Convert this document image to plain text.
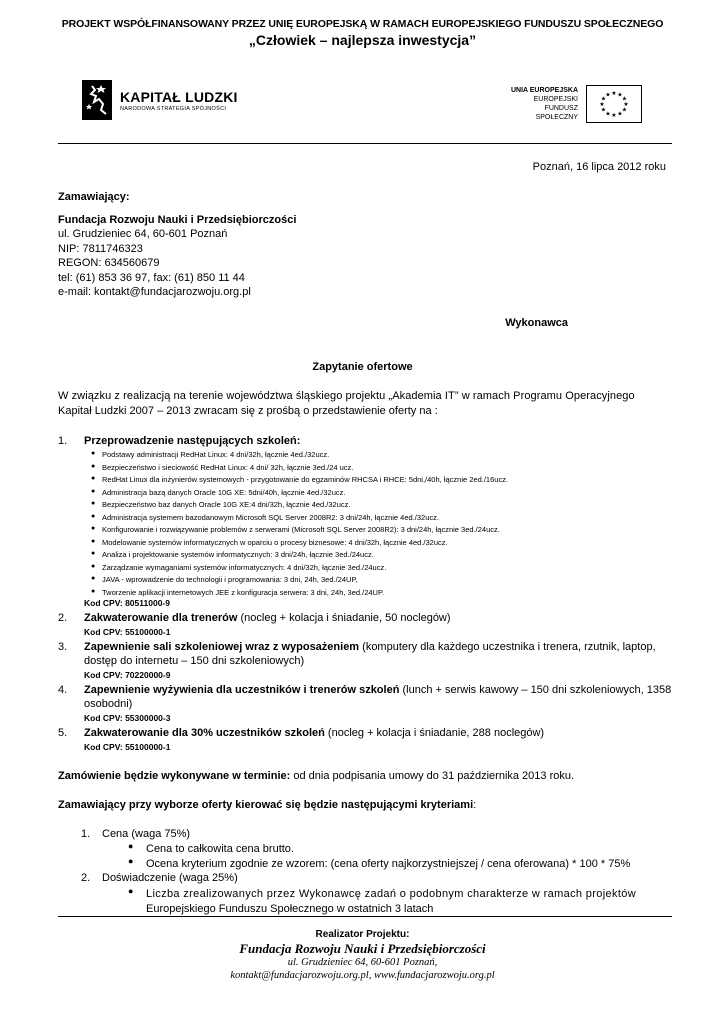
PROJEKT WSPÓŁFINANSOWANY PRZEZ UNIĘ EUROPEJSKĄ W RAMACH EUROPEJSKIEGO FUNDUSZU SPOŁECZNEGO
„Człowiek – najlepsza inwestycja”
KAPITAŁ LUDZKI
NARODOWA STRATEGIA SPÓJNOŚCI
UNIA EUROPEJSKA
EUROPEJSKI
FUNDUSZ SPOŁECZNY
★ ★
★
★
★
★
★
★
★
★
★
★
Poznań, 16 lipca 2012 roku
Zamawiający:
Fundacja Rozwoju Nauki i Przedsiębiorczości
ul. Grudzieniec 64, 60-601 Poznań
NIP: 7811746323
REGON: 634560679
tel: (61) 853 36 97, fax: (61) 850 11 44
e-mail: kontakt@fundacjarozwoju.org.pl
Wykonawca
Zapytanie ofertowe
W związku z realizacją na terenie województwa śląskiego projektu „Akademia IT” w ramach Programu Operacyjnego
Kapitał Ludzki 2007 – 2013 zwracam się z prośbą o przedstawienie oferty na :
1. Przeprowadzenie następujących szkoleń:
● Podstawy administracji RedHat Linux: 4 dni/32h, łącznie 4ed./32ucz.
● Bezpieczeństwo i sieciowość RedHat Linux: 4 dni/ 32h, łącznie 3ed./24 ucz.
● RedHat Linux dla inżynierów systemowych - przygotowanie do egzaminów RHCSA i RHCE: 5dni,/40h, łącznie 2ed./16ucz.
● Administracja bazą danych Oracle 10G XE: 5dni/40h, łącznie 4ed./32ucz.
● Bezpieczeństwo baz danych Oracle 10G XE:4 dni/32h, łącznie 4ed./32ucz.
● Administracja systemem bazodanowym Microsoft SQL Server 2008R2: 3 dni/24h, łącznie 4ed./32ucz.
● Konfigurowanie i rozwiązywanie problemów z serwerami (Microsoft SQL Server 2008R2): 3 dni/24h, łącznie 3ed./24ucz.
● Modelowanie systemów informatycznych w oparciu o procesy biznesowe: 4 dni/32h, łącznie 4ed./32ucz.
● Analiza i projektowanie systemów informatycznych: 3 dni/24h, łącznie 3ed./24ucz.
● Zarządzanie wymaganiami systemów informatycznych: 4 dni/32h, łącznie 3ed./24ucz.
● JAVA - wprowadzenie do technologii i programowania: 3 dni, 24h, 3ed./24UP,
● Tworzenie aplikacji internetowych JEE z konfiguracja serwera: 3 dni, 24h, 3ed./24UP.
Kod CPV: 80511000-9
2. Zakwaterowanie dla trenerów (nocleg + kolacja i śniadanie, 50 noclegów)
Kod CPV: 55100000-1
3. Zapewnienie sali szkoleniowej wraz z wyposażeniem (komputery dla każdego uczestnika i trenera, rzutnik, laptop,
dostęp do internetu – 150 dni szkoleniowych)
Kod CPV: 70220000-9
4. Zapewnienie wyżywienia dla uczestników i trenerów szkoleń (lunch + serwis kawowy – 150 dni szkoleniowych, 1358
osobodni)
Kod CPV: 55300000-3
5. Zakwaterowanie dla 30% uczestników szkoleń (nocleg + kolacja i śniadanie, 288 noclegów)
Kod CPV: 55100000-1
Zamówienie będzie wykonywane w terminie: od dnia podpisania umowy do 31 października 2013 roku.
Zamawiający przy wyborze oferty kierować się będzie następującymi kryteriami:
1. Cena (waga 75%)
● Cena to całkowita cena brutto.
● Ocena kryterium zgodnie ze wzorem: (cena oferty najkorzystniejszej / cena oferowana) * 100 * 75%
2. Doświadczenie (waga 25%)
● Liczba zrealizowanych przez Wykonawcę zadań o podobnym charakterze w ramach projektów
Europejskiego Funduszu Społecznego w ostatnich 3 latach
Realizator Projektu:
Fundacja Rozwoju Nauki i Przedsiębiorczości
ul. Grudzieniec 64, 60-601 Poznań,
kontakt@fundacjarozwoju.org.pl, www.fundacjarozwoju.org.pl
